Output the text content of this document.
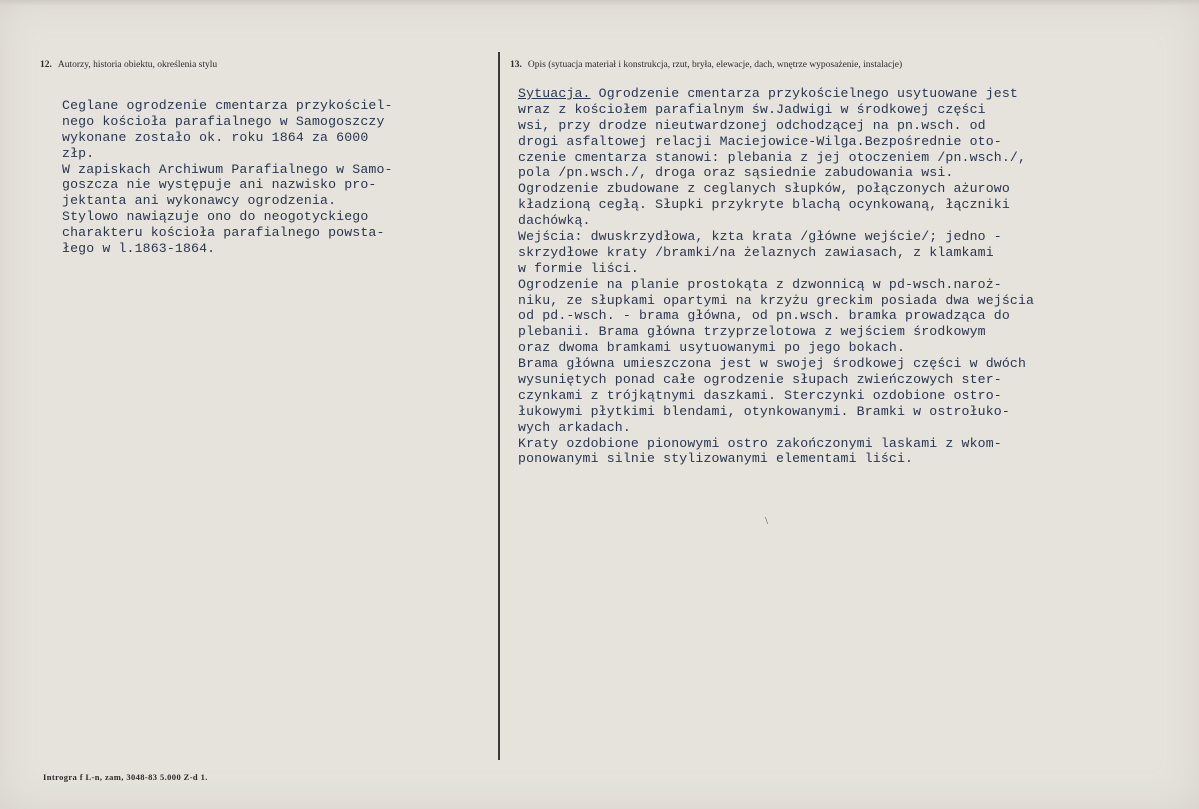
12. Autorzy, historia obiektu, określenia stylu	13. Opis (sytuacja materiał i konstrukcja, rzut, bryła, elewacje, dach, wnętrze wyposażenie, instalacje)
Ceglane ogrodzenie cmentarza przykościel-
nego kościoła parafialnego w Samogoszczy
wykonane zostało ok. roku 1864 za 6000
złp.
W zapiskach Archiwum Parafialnego w Samo-
goszcza nie występuje ani nazwisko pro-
jektanta ani wykonawcy ogrodzenia.
Stylowo nawiązuje ono do neogotyckiego
charakteru kościoła parafialnego powsta-
łego w l.1863-1864.
Sytuacja. Ogrodzenie cmentarza przykościelnego usytuowane jest
wraz z kościołem parafialnym św.Jadwigi w środkowej części
wsi, przy drodze nieutwardzonej odchodzącej na pn.wsch. od
drogi asfaltowej relacji Maciejowice-Wilga.Bezpośrednie oto-
czenie cmentarza stanowi: plebania z jej otoczeniem /pn.wsch./,
pola /pn.wsch./, droga oraz sąsiednie zabudowania wsi.
Ogrodzenie zbudowane z ceglanych słupków, połączonych ażurowo
kładzioną cegłą. Słupki przykryte blachą ocynkowaną, łączniki
dachówką.
Wejścia: dwuskrzydłowa, kzta krata /główne wejście/; jedno -
skrzydłowe kraty /bramki/na żelaznych zawiasach, z klamkami
w formie liści.
Ogrodzenie na planie prostokąta z dzwonnicą w pd-wsch.naroż-
niku, ze słupkami opartymi na krzyżu greckim posiada dwa wejścia
od pd.-wsch. - brama główna, od pn.wsch. bramka prowadząca do
plebanii. Brama główna trzyprzelotowa z wejściem środkowym
oraz dwoma bramkami usytuowanymi po jego bokach.
Brama główna umieszczona jest w swojej środkowej części w dwóch
wysuniętych ponad całe ogrodzenie słupach zwieńczowych ster-
czynkami z trójkątnymi daszkami. Sterczynki ozdobione ostro-
łukowymi płytkimi blendami, otynkowanymi. Bramki w ostrołuko-
wych arkadach.
Kraty ozdobione pionowymi ostro zakończonymi laskami z wkom-
ponowanymi silnie stylizowanymi elementami liści.
\
Introgra f L-n, zam, 3048-83 5.000 Z-d 1.
